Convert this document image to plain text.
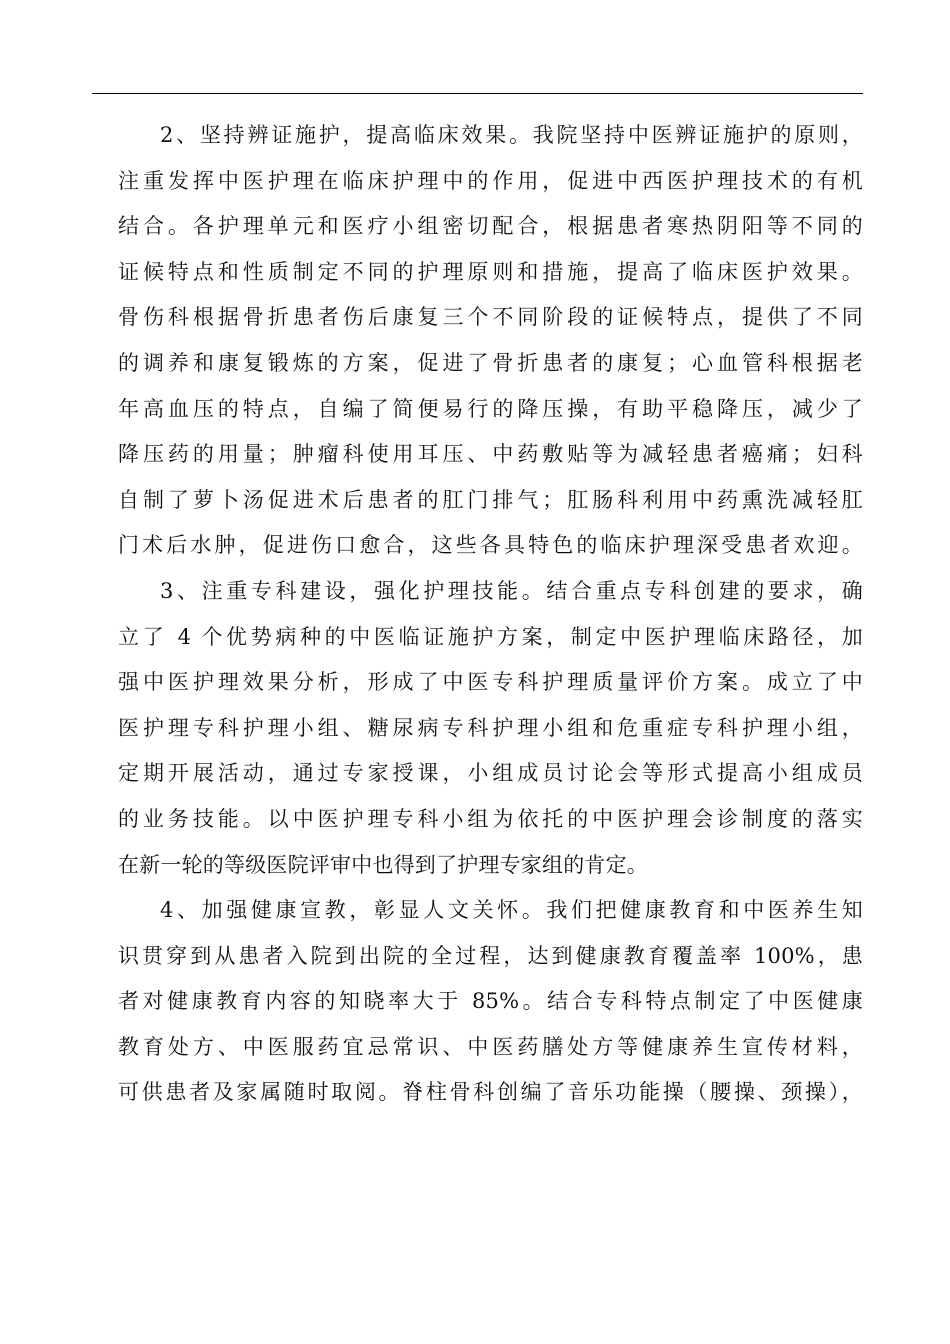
2、坚持辨证施护，提高临床效果。我院坚持中医辨证施护的原则，
注重发挥中医护理在临床护理中的作用，促进中西医护理技术的有机
结合。各护理单元和医疗小组密切配合，根据患者寒热阴阳等不同的
证候特点和性质制定不同的护理原则和措施，提高了临床医护效果。
骨伤科根据骨折患者伤后康复三个不同阶段的证候特点，提供了不同
的调养和康复锻炼的方案，促进了骨折患者的康复；心血管科根据老
年高血压的特点，自编了简便易行的降压操，有助平稳降压，减少了
降压药的用量；肿瘤科使用耳压、中药敷贴等为减轻患者癌痛；妇科
自制了萝卜汤促进术后患者的肛门排气；肛肠科利用中药熏洗减轻肛
门术后水肿，促进伤口愈合，这些各具特色的临床护理深受患者欢迎。
3、注重专科建设，强化护理技能。结合重点专科创建的要求，确
立了 4 个优势病种的中医临证施护方案，制定中医护理临床路径，加
强中医护理效果分析，形成了中医专科护理质量评价方案。成立了中
医护理专科护理小组、糖尿病专科护理小组和危重症专科护理小组，
定期开展活动，通过专家授课，小组成员讨论会等形式提高小组成员
的业务技能。以中医护理专科小组为依托的中医护理会诊制度的落实
在新一轮的等级医院评审中也得到了护理专家组的肯定。
4、加强健康宣教，彰显人文关怀。我们把健康教育和中医养生知
识贯穿到从患者入院到出院的全过程，达到健康教育覆盖率 100%，患
者对健康教育内容的知晓率大于 85%。结合专科特点制定了中医健康
教育处方、中医服药宜忌常识、中医药膳处方等健康养生宣传材料，
可供患者及家属随时取阅。脊柱骨科创编了音乐功能操（腰操、颈操），
